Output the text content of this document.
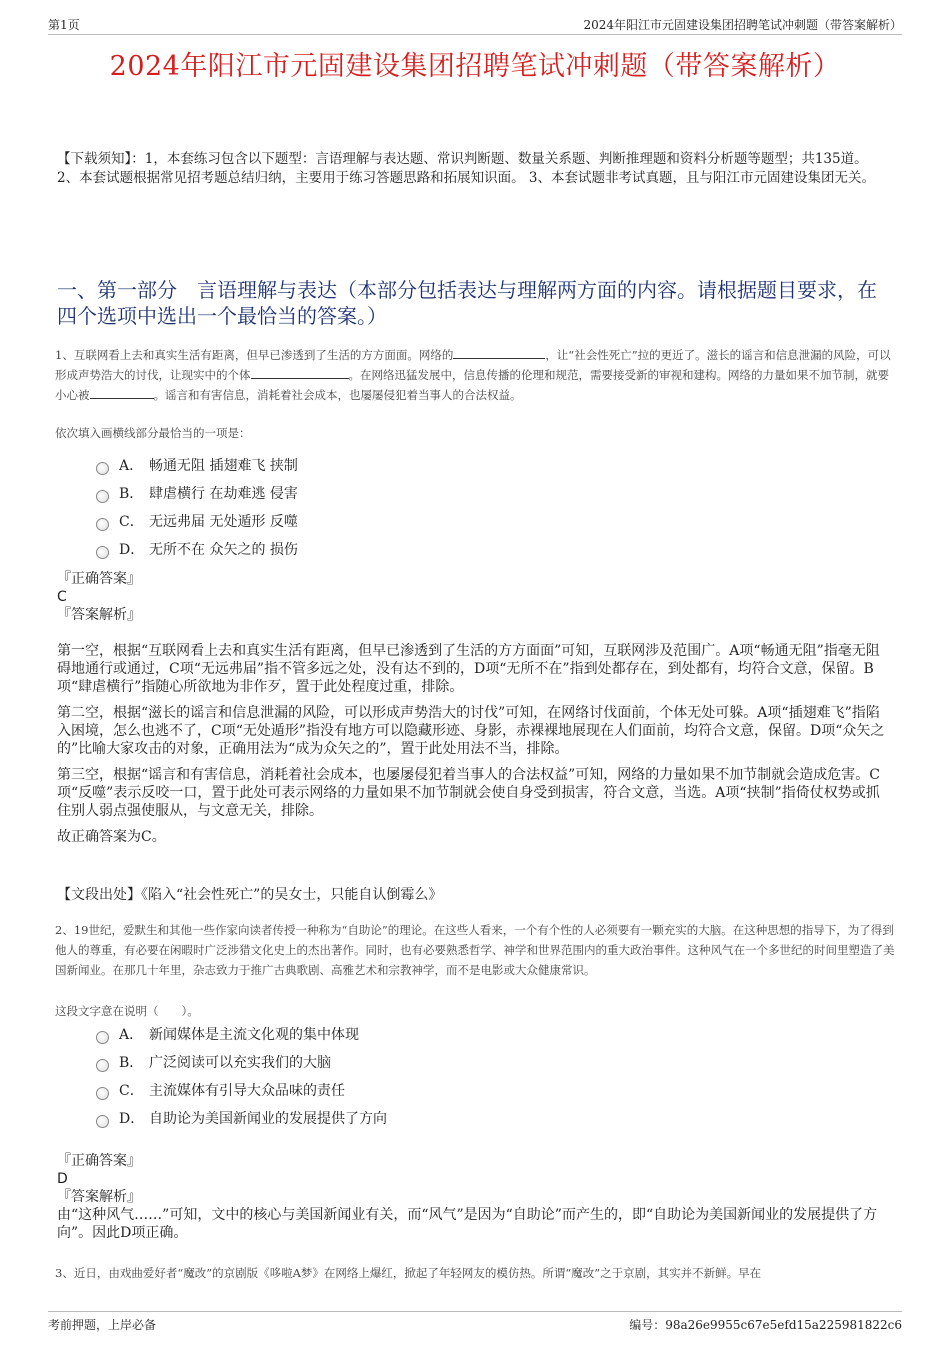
第1页	2024年阳江市元固建设集团招聘笔试冲刺题（带答案解析）
2024年阳江市元固建设集团招聘笔试冲刺题（带答案解析）
【下载须知】：1，本套练习包含以下题型：言语理解与表达题、常识判断题、数量关系题、判断推理题和资料分析题等题型；共135道。 2、本套试题根据常见招考题总结归纳，主要用于练习答题思路和拓展知识面。 3、本套试题非考试真题，且与阳江市元固建设集团无关。
一、第一部分　言语理解与表达（本部分包括表达与理解两方面的内容。请根据题目要求，在四个选项中选出一个最恰当的答案。）
1、互联网看上去和真实生活有距离，但早已渗透到了生活的方方面面。网络的	，让“社会性死亡”拉的更近了。滋长的谣言和信息泄漏的风险，可以形成声势浩大的讨伐，让现实中的个体	。在网络迅猛发展中，信息传播的伦理和规范，需要接受新的审视和建构。网络的力量如果不加节制，就要小心被	。谣言和有害信息，消耗着社会成本，也屡屡侵犯着当事人的合法权益。
依次填入画横线部分最恰当的一项是：
A． 畅通无阻 插翅难飞 挟制
B． 肆虐横行 在劫难逃 侵害
C． 无远弗届 无处遁形 反噬
D． 无所不在 众矢之的 损伤
『正确答案』
C
『答案解析』

第一空，根据“互联网看上去和真实生活有距离，但早已渗透到了生活的方方面面”可知，互联网涉及范围广。A项“畅通无阻”指毫无阻碍地通行或通过，C项“无远弗届”指不管多远之处，没有达不到的，D项“无所不在”指到处都存在，到处都有，均符合文意，保留。B项“肆虐横行”指随心所欲地为非作歹，置于此处程度过重，排除。

第二空，根据“滋长的谣言和信息泄漏的风险，可以形成声势浩大的讨伐”可知，在网络讨伐面前，个体无处可躲。A项“插翅难飞”指陷入困境，怎么也逃不了，C项“无处遁形”指没有地方可以隐藏形迹、身影，赤裸裸地展现在人们面前，均符合文意，保留。D项“众矢之的”比喻大家攻击的对象，正确用法为“成为众矢之的”，置于此处用法不当，排除。

第三空，根据“谣言和有害信息，消耗着社会成本，也屡屡侵犯着当事人的合法权益”可知，网络的力量如果不加节制就会造成危害。C项“反噬”表示反咬一口，置于此处可表示网络的力量如果不加节制就会使自身受到损害，符合文意，当选。A项“挟制”指倚仗权势或抓住别人弱点强使服从，与文意无关，排除。

故正确答案为C。

【文段出处】《陷入“社会性死亡”的吴女士，只能自认倒霉么》
2、19世纪，爱默生和其他一些作家向读者传授一种称为“自助论”的理论。在这些人看来，一个有个性的人必须要有一颗充实的大脑。在这种思想的指导下，为了得到他人的尊重，有必要在闲暇时广泛涉猎文化史上的杰出著作。同时，也有必要熟悉哲学、神学和世界范围内的重大政治事件。这种风气在一个多世纪的时间里塑造了美国新闻业。在那几十年里，杂志致力于推广古典歌剧、高雅艺术和宗教神学，而不是电影或大众健康常识。
这段文字意在说明（　　）。
A． 新闻媒体是主流文化观的集中体现
B． 广泛阅读可以充实我们的大脑
C． 主流媒体有引导大众品味的责任
D． 自助论为美国新闻业的发展提供了方向
『正确答案』
D
『答案解析』
由“这种风气……”可知，文中的核心与美国新闻业有关，而“风气”是因为“自助论”而产生的，即“自助论为美国新闻业的发展提供了方向”。因此D项正确。
3、近日，由戏曲爱好者“魔改”的京剧版《哆啦A梦》在网络上爆红，掀起了年轻网友的模仿热。所谓“魔改”之于京剧，其实并不新鲜。早在
考前押题，上岸必备	编号：98a26e9955c67e5efd15a225981822c6
